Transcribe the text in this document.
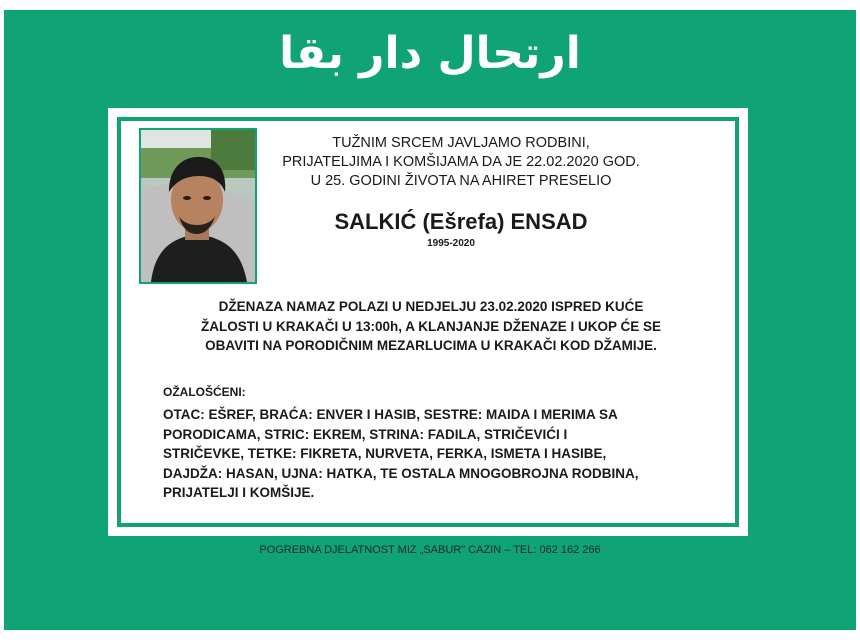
ارتحال دار بقا
TUŽNIM SRCEM JAVLJAMO RODBINI,
PRIJATELJIMA I KOMŠIJAMA DA JE 22.02.2020 GOD.
U 25. GODINI ŽIVOTA NA AHIRET PRESELIO
SALKIĆ (Ešrefa) ENSAD
1995-2020
DŽENAZA NAMAZ POLAZI U NEDJELJU 23.02.2020 ISPRED KUĆE
ŽALOSTI U KRAKAČI U 13:00h, A KLANJANJE DŽENAZE I UKOP ĆE SE
OBAVITI NA PORODIČNIM MEZARLUCIMA U KRAKAČI KOD DŽAMIJE.
OŽALOŠĆENI:
OTAC: EŠREF, BRAĆA: ENVER I HASIB, SESTRE: MAIDA I MERIMA SA
PORODICAMA, STRIC: EKREM, STRINA: FADILA, STRIČEVIĆI I
STRIČEVKE, TETKE: FIKRETA, NURVETA, FERKA, ISMETA I HASIBE,
DAJDŽA: HASAN, UJNA: HATKA, TE OSTALA MNOGOBROJNA RODBINA,
PRIJATELJI I KOMŠIJE.
POGREBNA DJELATNOST MIZ „SABUR" CAZIN – TEL: 062 162 266
